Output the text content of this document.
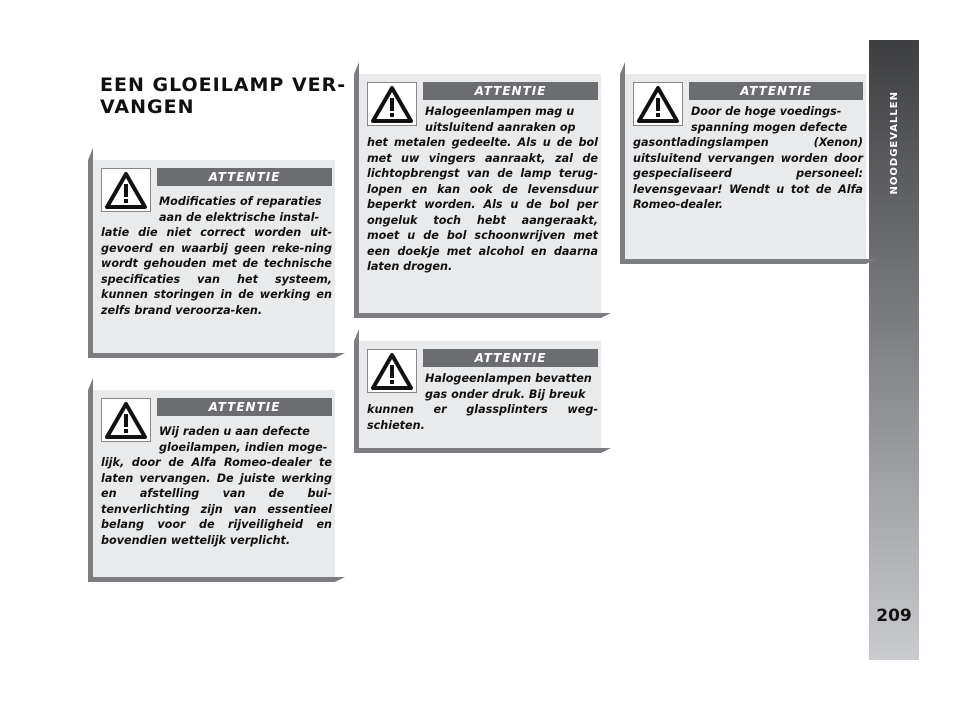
EEN GLOEILAMP VER-
VANGEN	NOODGEVALLEN
209
ATTENTIE
Modificaties of reparaties
aan de elektrische instal-
latie die niet correct worden uit-gevoerd en waarbij geen reke-ning wordt gehouden met de technische specificaties van het systeem, kunnen storingen in de werking en zelfs brand veroorza-ken.
ATTENTIE
Wij raden u aan defecte
gloeilampen, indien moge-
lijk, door de Alfa Romeo-dealer te laten vervangen. De juiste werking en afstelling van de bui-tenverlichting zijn van essentieel belang voor de rijveiligheid en bovendien wettelijk verplicht.
ATTENTIE
Halogeenlampen mag u
uitsluitend aanraken op
het metalen gedeelte. Als u de bol met uw vingers aanraakt, zal de lichtopbrengst van de lamp terug-lopen en kan ook de levensduur beperkt worden. Als u de bol per ongeluk toch hebt aangeraakt, moet u de bol schoonwrijven met een doekje met alcohol en daarna laten drogen.
ATTENTIE
Halogeenlampen bevatten
gas onder druk. Bij breuk
kunnen er glassplinters weg-schieten.
ATTENTIE
Door de hoge voedings-
spanning mogen defecte
gasontladingslampen (Xenon) uitsluitend vervangen worden door gespecialiseerd personeel: levensgevaar! Wendt u tot de Alfa Romeo-dealer.
